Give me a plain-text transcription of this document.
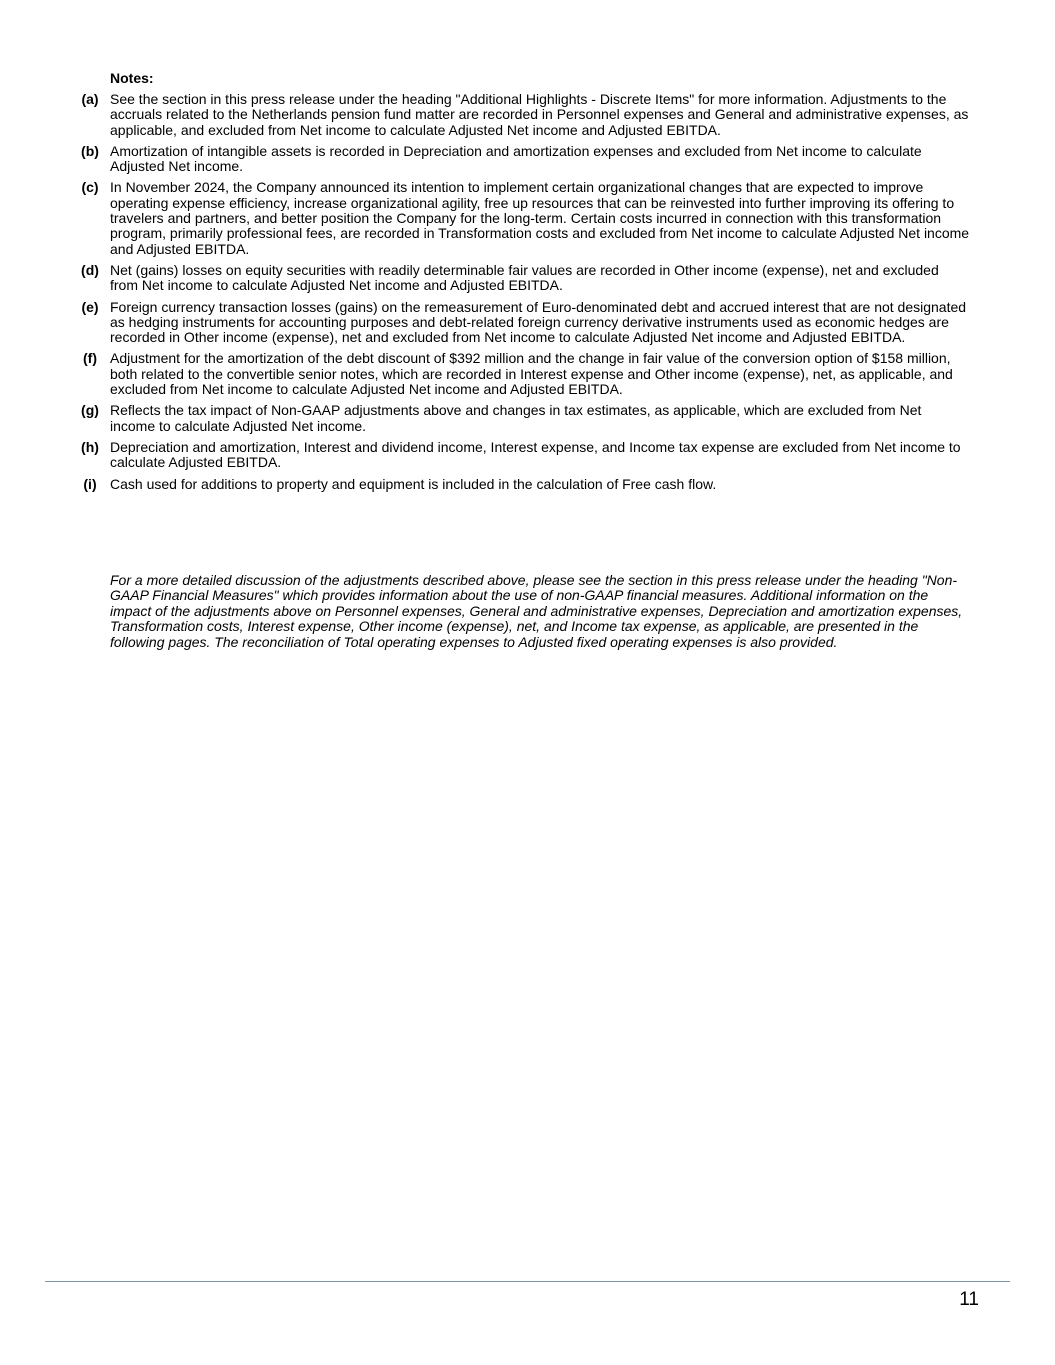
Notes:
(a) See the section in this press release under the heading "Additional Highlights - Discrete Items" for more information. Adjustments to the accruals related to the Netherlands pension fund matter are recorded in Personnel expenses and General and administrative expenses, as applicable, and excluded from Net income to calculate Adjusted Net income and Adjusted EBITDA.
(b) Amortization of intangible assets is recorded in Depreciation and amortization expenses and excluded from Net income to calculate Adjusted Net income.
(c) In November 2024, the Company announced its intention to implement certain organizational changes that are expected to improve operating expense efficiency, increase organizational agility, free up resources that can be reinvested into further improving its offering to travelers and partners, and better position the Company for the long-term. Certain costs incurred in connection with this transformation program, primarily professional fees, are recorded in Transformation costs and excluded from Net income to calculate Adjusted Net income and Adjusted EBITDA.
(d) Net (gains) losses on equity securities with readily determinable fair values are recorded in Other income (expense), net and excluded from Net income to calculate Adjusted Net income and Adjusted EBITDA.
(e) Foreign currency transaction losses (gains) on the remeasurement of Euro-denominated debt and accrued interest that are not designated as hedging instruments for accounting purposes and debt-related foreign currency derivative instruments used as economic hedges are recorded in Other income (expense), net and excluded from Net income to calculate Adjusted Net income and Adjusted EBITDA.
(f) Adjustment for the amortization of the debt discount of $392 million and the change in fair value of the conversion option of $158 million, both related to the convertible senior notes, which are recorded in Interest expense and Other income (expense), net, as applicable, and excluded from Net income to calculate Adjusted Net income and Adjusted EBITDA.
(g) Reflects the tax impact of Non-GAAP adjustments above and changes in tax estimates, as applicable, which are excluded from Net income to calculate Adjusted Net income.
(h) Depreciation and amortization, Interest and dividend income, Interest expense, and Income tax expense are excluded from Net income to calculate Adjusted EBITDA.
(i) Cash used for additions to property and equipment is included in the calculation of Free cash flow.
For a more detailed discussion of the adjustments described above, please see the section in this press release under the heading "Non-GAAP Financial Measures" which provides information about the use of non-GAAP financial measures. Additional information on the impact of the adjustments above on Personnel expenses, General and administrative expenses, Depreciation and amortization expenses, Transformation costs, Interest expense, Other income (expense), net, and Income tax expense, as applicable, are presented in the following pages. The reconciliation of Total operating expenses to Adjusted fixed operating expenses is also provided.
11
